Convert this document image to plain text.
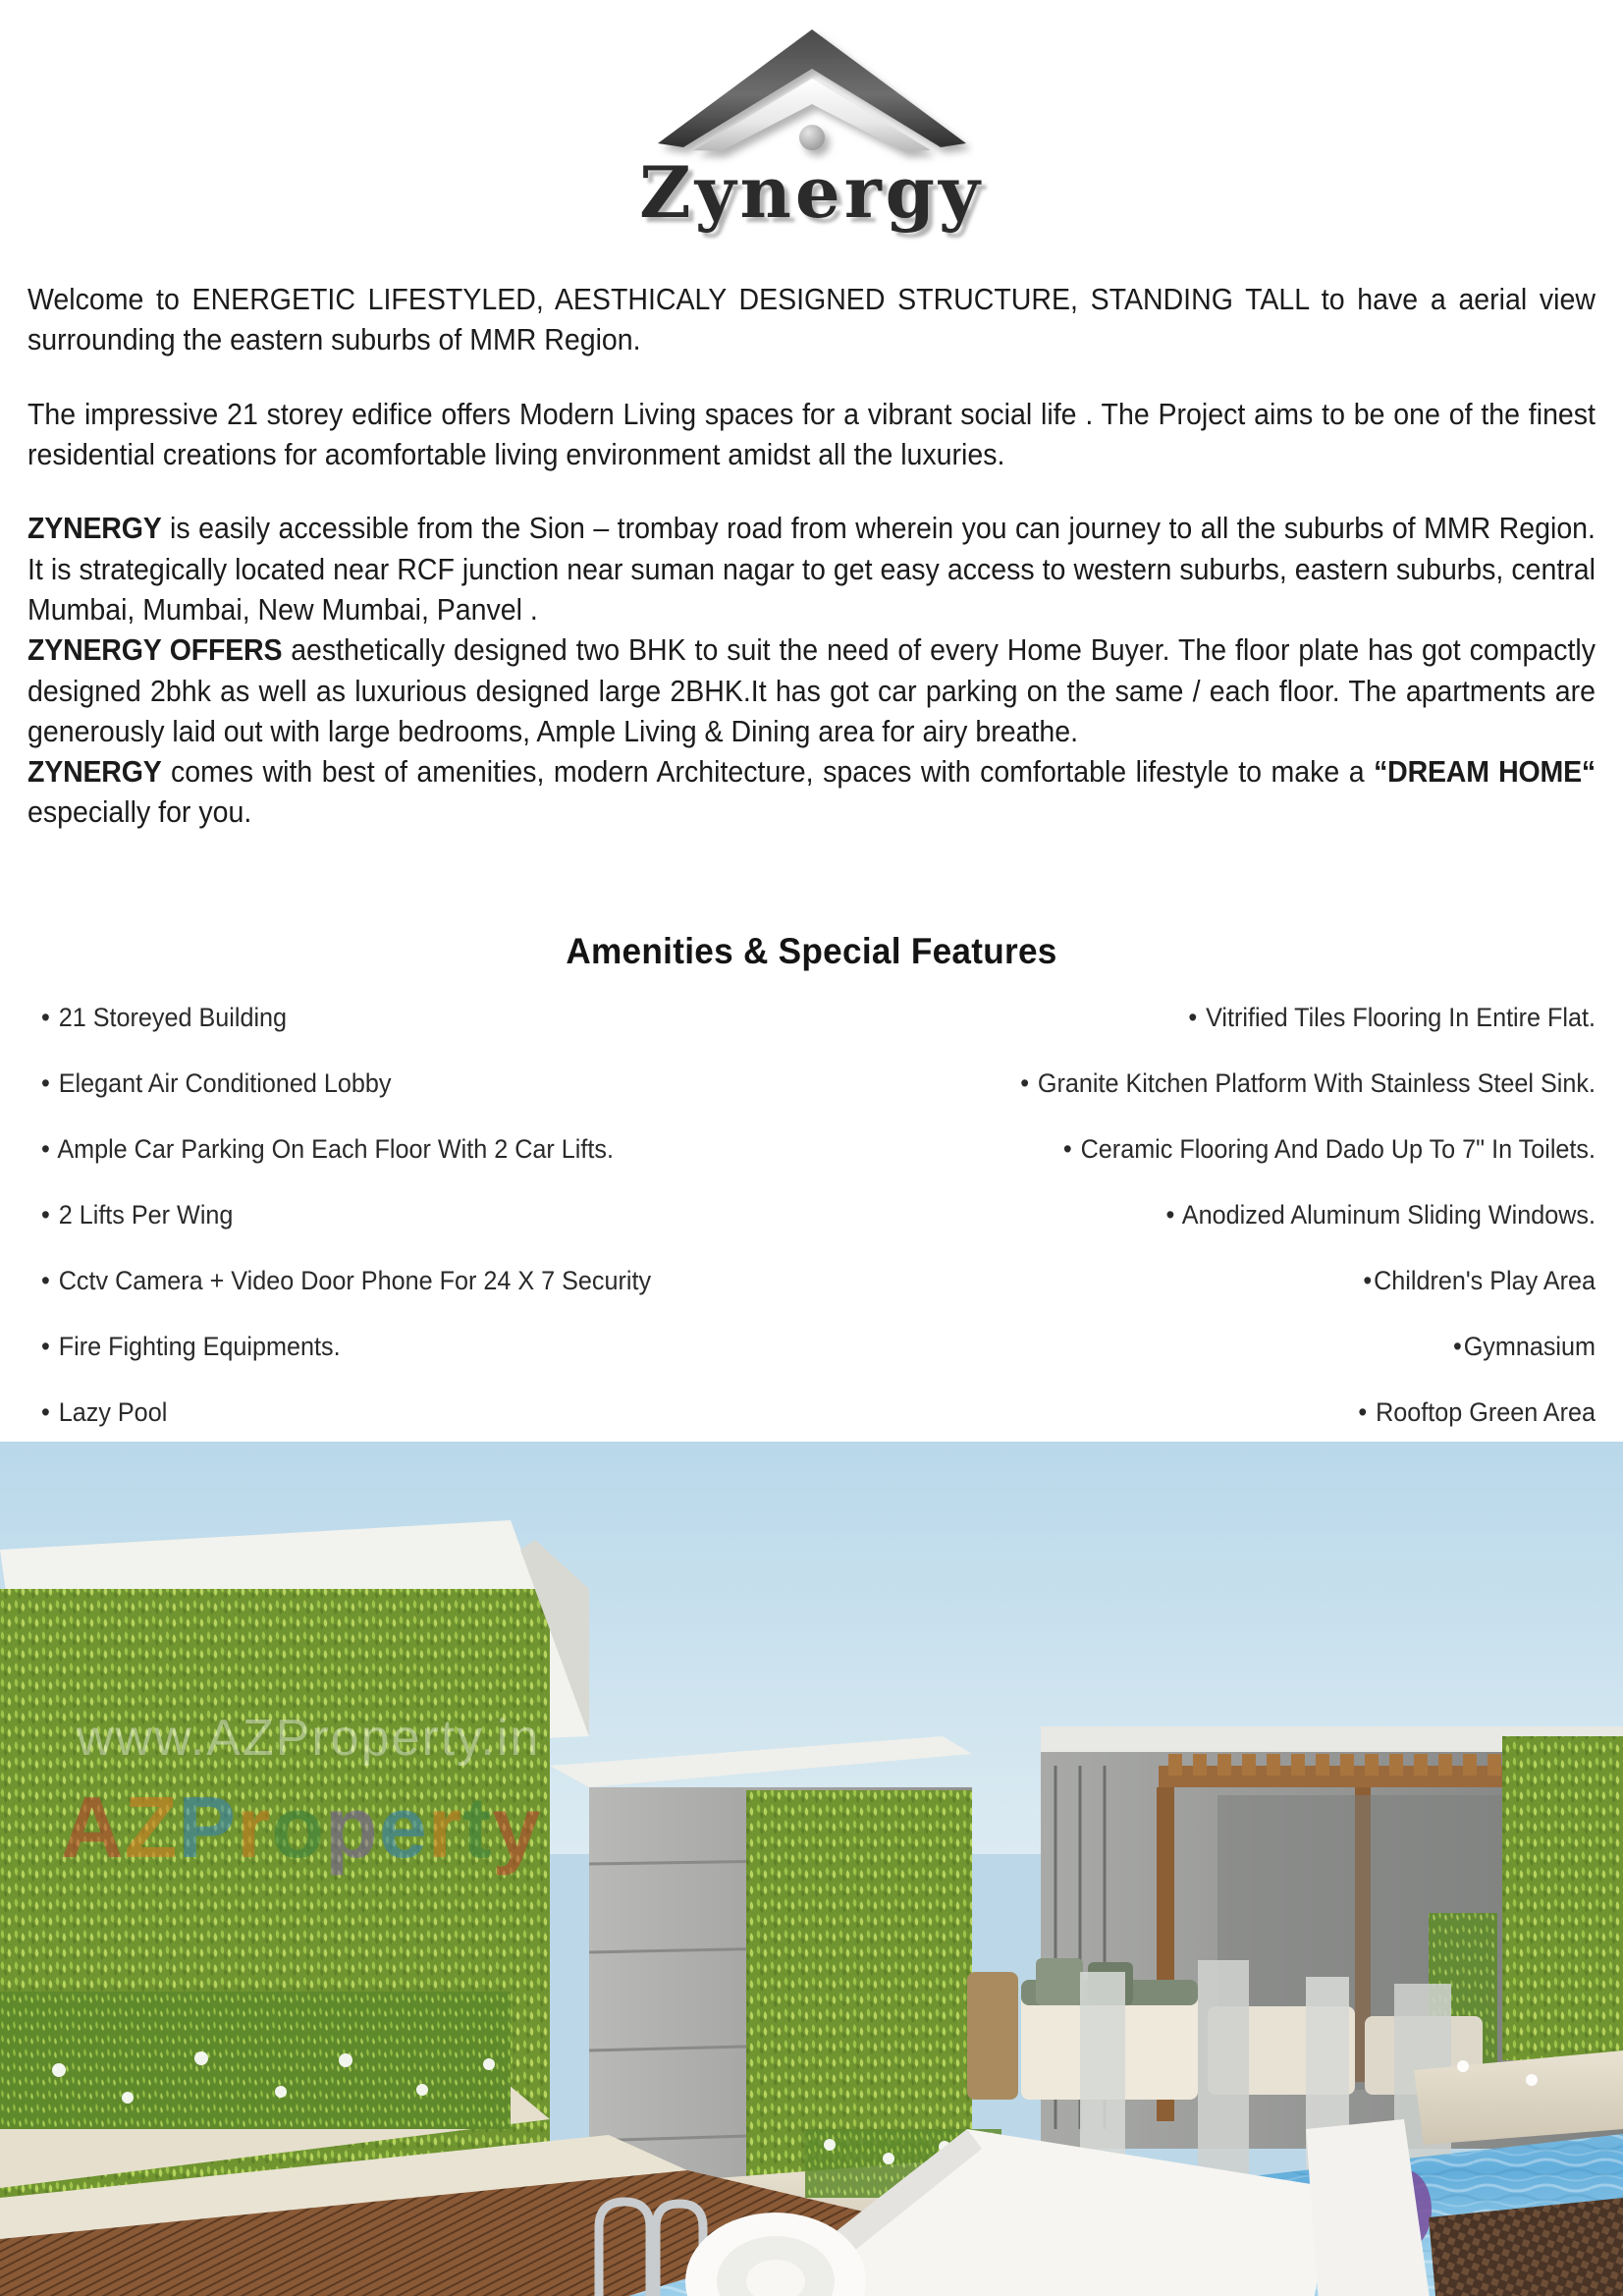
Zynergy

Welcome to ENERGETIC LIFESTYLED, AESTHICALY DESIGNED STRUCTURE, STANDING TALL to have a aerial view surrounding the eastern suburbs of MMR Region.

The impressive 21 storey edifice offers Modern Living spaces for a vibrant social life . The Project aims to be one of the finest residential creations for acomfortable living environment amidst all the luxuries.

ZYNERGY is easily accessible from the Sion – trombay road from wherein you can journey to all the suburbs of MMR Region. It is strategically located near RCF junction near suman nagar to get easy access to western suburbs, eastern suburbs, central Mumbai, Mumbai, New Mumbai, Panvel .

ZYNERGY OFFERS aesthetically designed two BHK to suit the need of every Home Buyer. The floor plate has got compactly designed 2bhk as well as luxurious designed large 2BHK.It has got car parking on the same / each floor. The apartments are generously laid out with large bedrooms, Ample Living & Dining area for airy breathe.

ZYNERGY comes with best of amenities, modern Architecture, spaces with comfortable lifestyle to make a “DREAM HOME“ especially for you.

Amenities & Special Features
• 21 Storeyed Building
• Elegant Air Conditioned Lobby
• Ample Car Parking On Each Floor With 2 Car Lifts.
• 2 Lifts Per Wing
• Cctv Camera + Video Door Phone For 24 X 7 Security
• Fire Fighting Equipments.
• Lazy Pool
• Vitrified Tiles Flooring In Entire Flat.
• Granite Kitchen Platform With Stainless Steel Sink.
• Ceramic Flooring And Dado Up To 7" In Toilets.
• Anodized Aluminum Sliding Windows.
•Children's Play Area
•Gymnasium
• Rooftop Green Area
www.AZProperty.in
AZProperty
